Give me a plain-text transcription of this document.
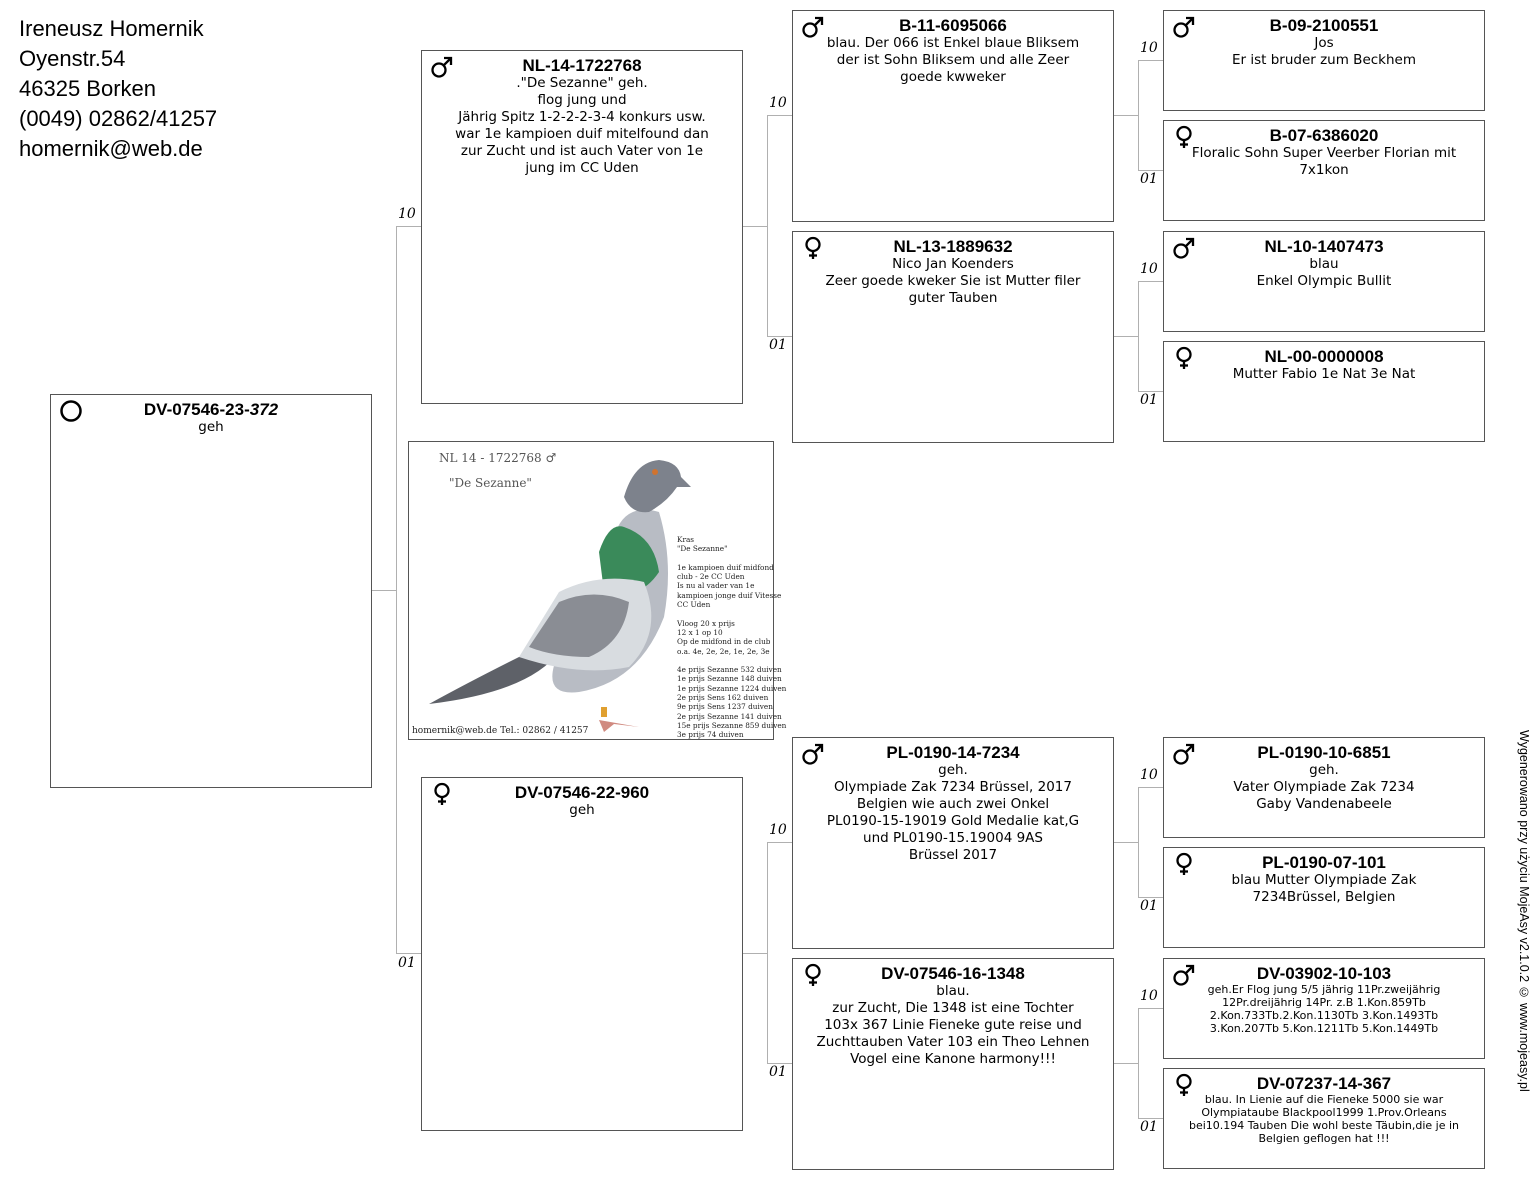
Ireneusz Homernik
Oyenstr.54
46325 Borken
(0049) 02862/41257
homernik@web.de
10
01
10
01
10
01
10
01
10
01
10
01
10
01
DV-07546-23-372
geh
NL-14-1722768
."De Sezanne" geh.
flog jung und
Jährig Spitz 1-2-2-2-3-4 konkurs usw.
war 1e kampioen duif mitelfound dan
zur Zucht und ist auch Vater von 1e
jung im CC Uden
NL 14 - 1722768 ♂
"De Sezanne"
Kras
"De Sezanne"

1e kampioen duif midfond
club - 2e CC Uden
Is nu al vader van 1e
kampioen jonge duif Vitesse
CC Uden

Vloog 20 x prijs
12 x 1 op 10
Op de midfond in de club
o.a. 4e, 2e, 2e, 1e, 2e, 3e

4e prijs Sezanne 532 duiven
1e prijs Sezanne 148 duiven
1e prijs Sezanne 1224 duiven
2e prijs Sens 162 duiven
9e prijs Sens 1237 duiven
2e prijs Sezanne 141 duiven
15e prijs Sezanne 859 duiven
3e prijs 74 duiven
homernik@web.de Tel.: 02862 / 41257
DV-07546-22-960
geh
B-11-6095066
blau. Der 066 ist Enkel blaue Bliksem
der ist Sohn Bliksem und alle Zeer
goede kwweker
NL-13-1889632
Nico Jan Koenders
Zeer goede kweker Sie ist Mutter filer
guter Tauben
PL-0190-14-7234
geh.
Olympiade Zak 7234 Brüssel, 2017
Belgien wie auch zwei Onkel
PL0190-15-19019 Gold Medalie kat,G
und PL0190-15.19004 9AS
Brüssel 2017
DV-07546-16-1348
blau.
zur Zucht, Die 1348 ist eine Tochter
103x 367 Linie Fieneke gute reise und
Zuchttauben Vater 103 ein Theo Lehnen
Vogel eine Kanone harmony!!!
B-09-2100551
Jos
Er ist bruder zum Beckhem
B-07-6386020
Floralic Sohn Super Veerber Florian mit
7x1kon
NL-10-1407473
blau
Enkel Olympic Bullit
NL-00-0000008
Mutter Fabio 1e Nat 3e Nat
PL-0190-10-6851
geh.
Vater Olympiade Zak 7234
Gaby Vandenabeele
PL-0190-07-101
blau Mutter Olympiade Zak
7234Brüssel, Belgien
DV-03902-10-103
geh.Er Flog jung 5/5 jährig 11Pr.zweijährig
12Pr.dreijährig 14Pr. z.B 1.Kon.859Tb
2.Kon.733Tb.2.Kon.1130Tb 3.Kon.1493Tb
3.Kon.207Tb 5.Kon.1211Tb 5.Kon.1449Tb
DV-07237-14-367
blau. In Lienie auf die Fieneke 5000 sie war
Olympiataube Blackpool1999 1.Prov.Orleans
bei10.194 Tauben Die wohl beste Täubin,die je in
Belgien geflogen hat !!!
Wygenerowano przy użyciu MojeAsy v2.1.0.2 © www.mojeasy.pl
